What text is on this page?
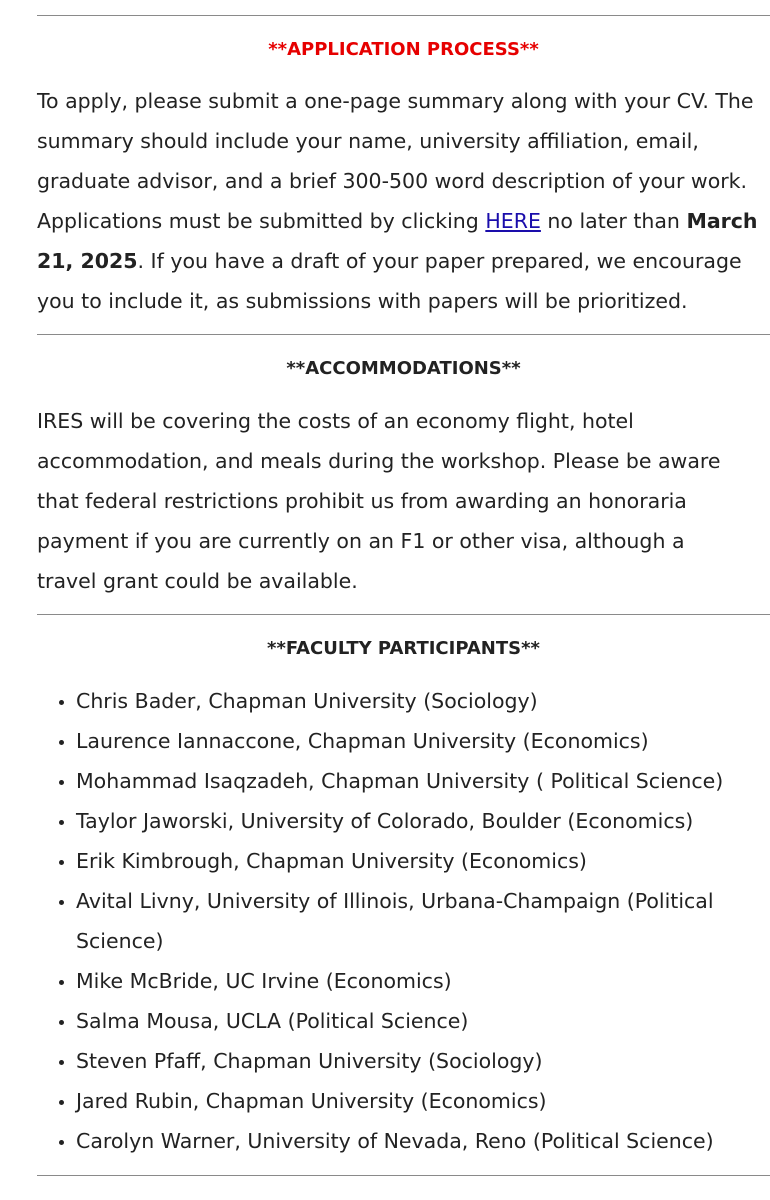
**APPLICATION PROCESS**

To apply, please submit a one-page summary along with your CV. The
summary should include your name, university affiliation, email,
graduate advisor, and a brief 300-500 word description of your work.
Applications must be submitted by clicking HERE no later than March
21, 2025. If you have a draft of your paper prepared, we encourage
you to include it, as submissions with papers will be prioritized.

**ACCOMMODATIONS**

IRES will be covering the costs of an economy flight, hotel
accommodation, and meals during the workshop. Please be aware
that federal restrictions prohibit us from awarding an honoraria
payment if you are currently on an F1 or other visa, although a
travel grant could be available.

**FACULTY PARTICIPANTS**
• Chris Bader, Chapman University (Sociology)
• Laurence Iannaccone, Chapman University (Economics)
• Mohammad Isaqzadeh, Chapman University ( Political Science)
• Taylor Jaworski, University of Colorado, Boulder (Economics)
• Erik Kimbrough, Chapman University (Economics)
• Avital Livny, University of Illinois, Urbana-Champaign (Political Science)
• Mike McBride, UC Irvine (Economics)
• Salma Mousa, UCLA (Political Science)
• Steven Pfaff, Chapman University (Sociology)
• Jared Rubin, Chapman University (Economics)
• Carolyn Warner, University of Nevada, Reno (Political Science)
